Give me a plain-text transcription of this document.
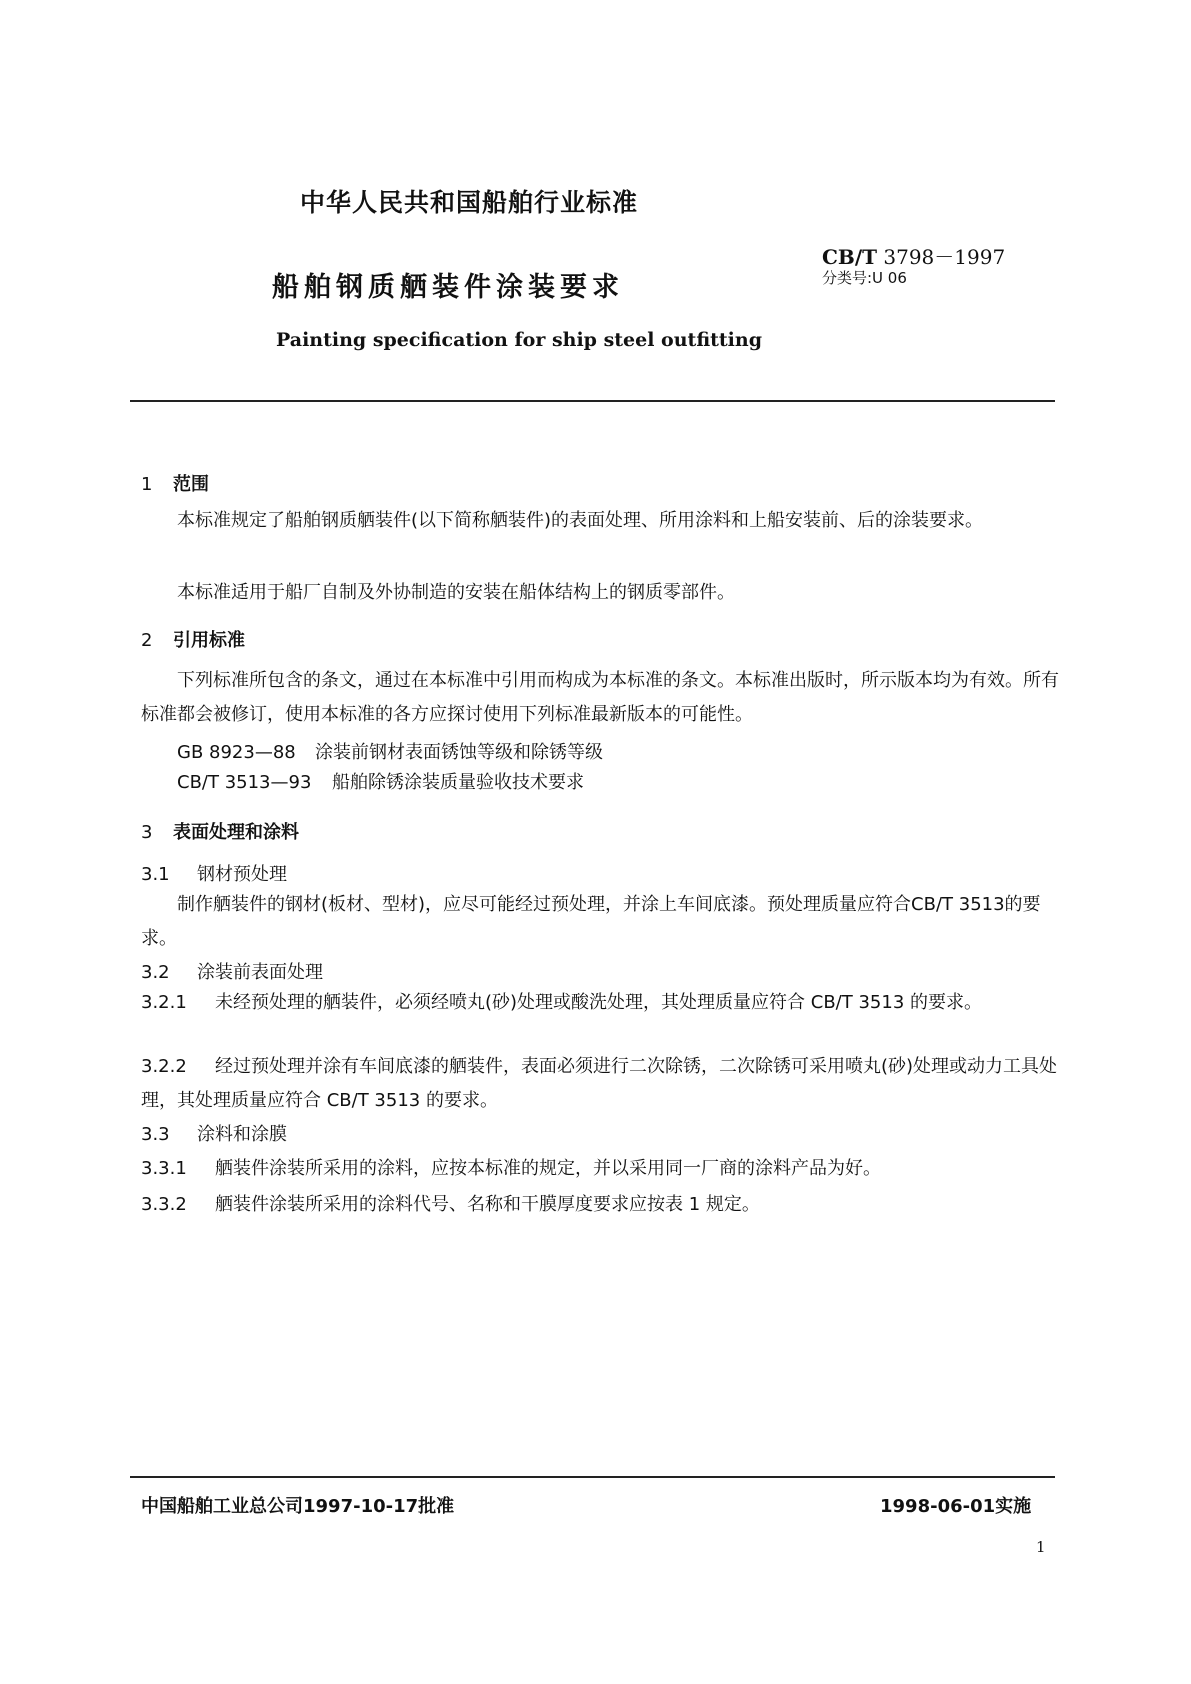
中华人民共和国船舶行业标准
CB/T 3798－1997
分类号:U 06
船舶钢质舾装件涂装要求
Painting specification for ship steel outfitting
1 范围
本标准规定了船舶钢质舾装件(以下简称舾装件)的表面处理、所用涂料和上船安装前、后的涂装要求。
本标准适用于船厂自制及外协制造的安装在船体结构上的钢质零部件。
2 引用标准
下列标准所包含的条文，通过在本标准中引用而构成为本标准的条文。本标准出版时，所示版本均为有效。所有标准都会被修订，使用本标准的各方应探讨使用下列标准最新版本的可能性。
GB 8923—88 涂装前钢材表面锈蚀等级和除锈等级
CB/T 3513—93 船舶除锈涂装质量验收技术要求
3 表面处理和涂料
3.1 钢材预处理
制作舾装件的钢材(板材、型材)，应尽可能经过预处理，并涂上车间底漆。预处理质量应符合CB/T 3513的要求。
3.2 涂装前表面处理
3.2.1 未经预处理的舾装件，必须经喷丸(砂)处理或酸洗处理，其处理质量应符合 CB/T 3513 的要求。
3.2.2 经过预处理并涂有车间底漆的舾装件，表面必须进行二次除锈，二次除锈可采用喷丸(砂)处理或动力工具处理，其处理质量应符合 CB/T 3513 的要求。
3.3 涂料和涂膜
3.3.1 舾装件涂装所采用的涂料，应按本标准的规定，并以采用同一厂商的涂料产品为好。
3.3.2 舾装件涂装所采用的涂料代号、名称和干膜厚度要求应按表 1 规定。
中国船舶工业总公司1997-10-17批准	1998-06-01实施
1
